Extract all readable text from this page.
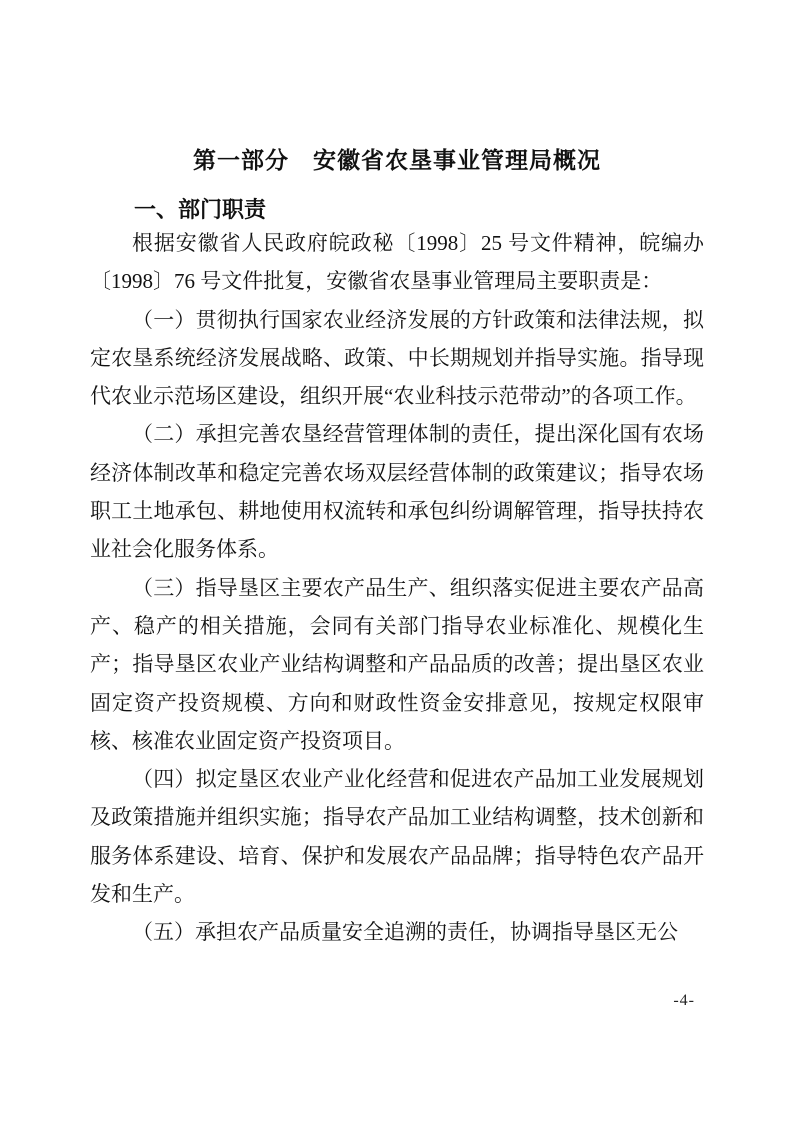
第一部分　安徽省农垦事业管理局概况
一、部门职责

根据安徽省人民政府皖政秘〔1998〕25 号文件精神，皖编办〔1998〕76 号文件批复，安徽省农垦事业管理局主要职责是：

（一）贯彻执行国家农业经济发展的方针政策和法律法规，拟定农垦系统经济发展战略、政策、中长期规划并指导实施。指导现代农业示范场区建设，组织开展“农业科技示范带动”的各项工作。

（二）承担完善农垦经营管理体制的责任，提出深化国有农场经济体制改革和稳定完善农场双层经营体制的政策建议；指导农场职工土地承包、耕地使用权流转和承包纠纷调解管理，指导扶持农业社会化服务体系。

（三）指导垦区主要农产品生产、组织落实促进主要农产品高产、稳产的相关措施，会同有关部门指导农业标准化、规模化生产；指导垦区农业产业结构调整和产品品质的改善；提出垦区农业固定资产投资规模、方向和财政性资金安排意见，按规定权限审核、核准农业固定资产投资项目。

（四）拟定垦区农业产业化经营和促进农产品加工业发展规划及政策措施并组织实施；指导农产品加工业结构调整，技术创新和服务体系建设、培育、保护和发展农产品品牌；指导特色农产品开发和生产。

（五）承担农产品质量安全追溯的责任，协调指导垦区无公

-4-
